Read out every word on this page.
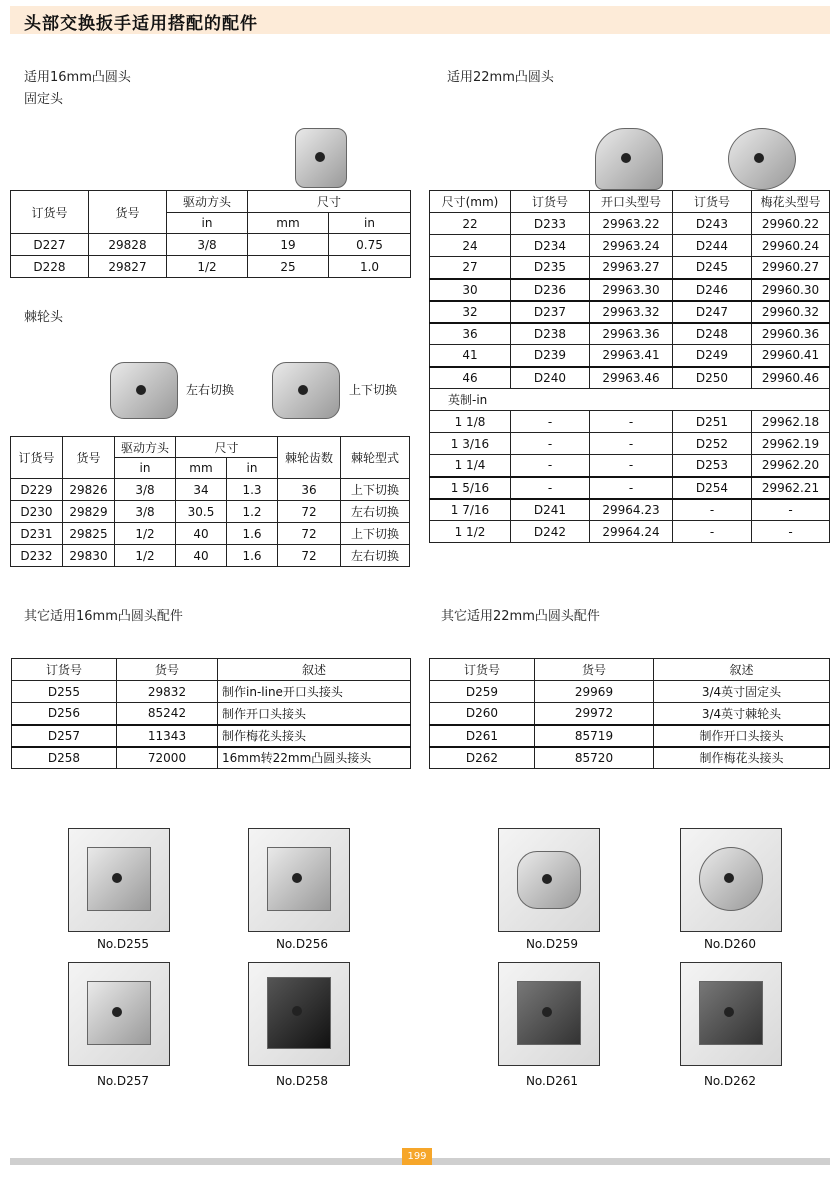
头部交换扳手适用搭配的配件
适用16mm凸圆头
固定头
适用22mm凸圆头
订货号	货号	驱动方头	尺寸	
		in	mm	in
D227	29828	3/8	19	0.75
D228	29827	1/2	25	1.0
棘轮头
左右切换	上下切换
订货号	货号	驱动方头	尺寸		棘轮齿数	棘轮型式
		in	mm	in		
D229	29826	3/8	34	1.3	36	上下切换
D230	29829	3/8	30.5	1.2	72	左右切换
D231	29825	1/2	40	1.6	72	上下切换
D232	29830	1/2	40	1.6	72	左右切换
尺寸(mm)	订货号	开口头型号	订货号	梅花头型号
22	D233	29963.22	D243	29960.22
24	D234	29963.24	D244	29960.24
27	D235	29963.27	D245	29960.27
30	D236	29963.30	D246	29960.30
32	D237	29963.32	D247	29960.32
36	D238	29963.36	D248	29960.36
41	D239	29963.41	D249	29960.41
46	D240	29963.46	D250	29960.46
英制-in				
1 1/8	-	-	D251	29962.18
1 3/16	-	-	D252	29962.19
1 1/4	-	-	D253	29962.20
1 5/16	-	-	D254	29962.21
1 7/16	D241	29964.23	-	-
1 1/2	D242	29964.24	-	-
其它适用16mm凸圆头配件
订货号	货号	叙述
D255	29832	制作in-line开口头接头
D256	85242	制作开口头接头
D257	11343	制作梅花头接头
D258	72000	16mm转22mm凸圆头接头
其它适用22mm凸圆头配件
订货号	货号	叙述
D259	29969	3/4英寸固定头
D260	29972	3/4英寸棘轮头
D261	85719	制作开口头接头
D262	85720	制作梅花头接头
No.D255	No.D256	No.D259	No.D260
No.D257	No.D258	No.D261	No.D262
199
